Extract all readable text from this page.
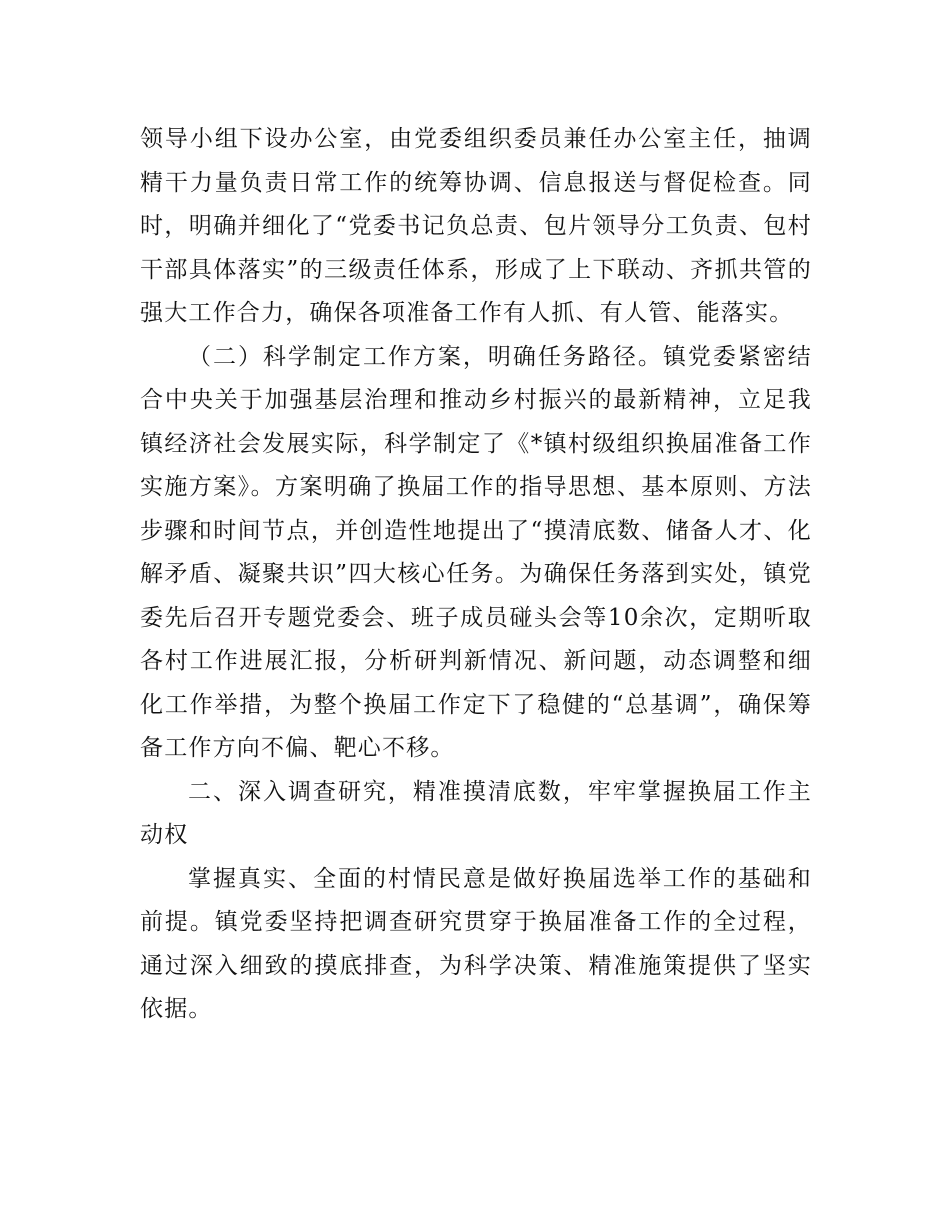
领导小组下设办公室，由党委组织委员兼任办公室主任，抽调精干力量负责日常工作的统筹协调、信息报送与督促检查。同时，明确并细化了“党委书记负总责、包片领导分工负责、包村干部具体落实”的三级责任体系，形成了上下联动、齐抓共管的强大工作合力，确保各项准备工作有人抓、有人管、能落实。

（二）科学制定工作方案，明确任务路径。镇党委紧密结合中央关于加强基层治理和推动乡村振兴的最新精神，立足我镇经济社会发展实际，科学制定了《*镇村级组织换届准备工作实施方案》。方案明确了换届工作的指导思想、基本原则、方法步骤和时间节点，并创造性地提出了“摸清底数、储备人才、化解矛盾、凝聚共识”四大核心任务。为确保任务落到实处，镇党委先后召开专题党委会、班子成员碰头会等10余次，定期听取各村工作进展汇报，分析研判新情况、新问题，动态调整和细化工作举措，为整个换届工作定下了稳健的“总基调”，确保筹备工作方向不偏、靶心不移。

二、深入调查研究，精准摸清底数，牢牢掌握换届工作主动权

掌握真实、全面的村情民意是做好换届选举工作的基础和前提。镇党委坚持把调查研究贯穿于换届准备工作的全过程，通过深入细致的摸底排查，为科学决策、精准施策提供了坚实依据。
